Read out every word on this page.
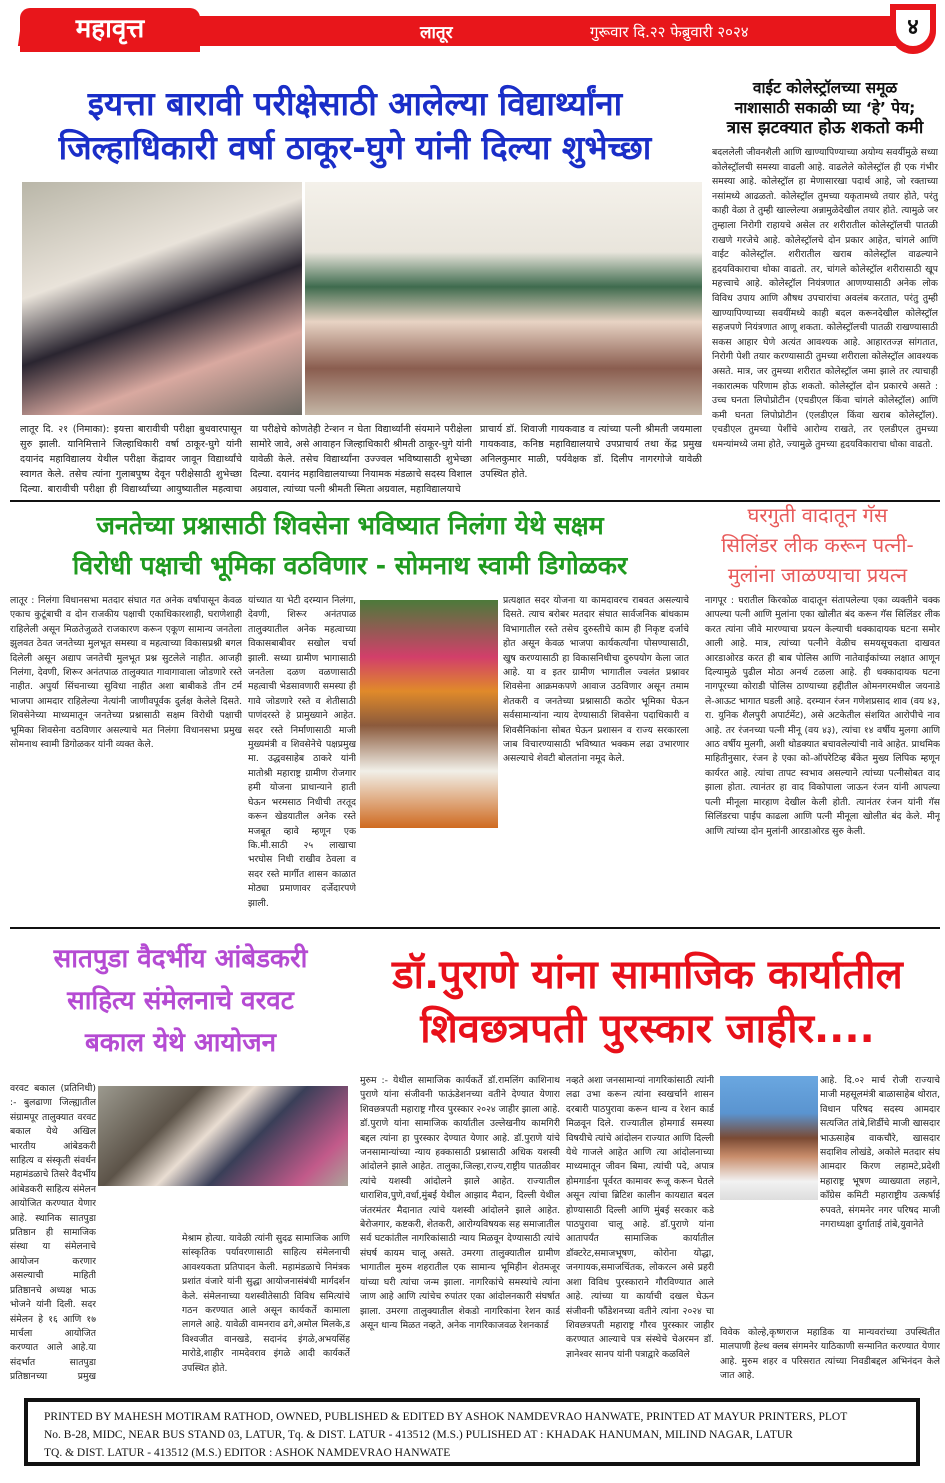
महावृत्त	लातूर	गुरूवार दि.२२ फेब्रुवारी २०२४	४
इयत्ता बारावी परीक्षेसाठी आलेल्या विद्यार्थ्यांना
जिल्हाधिकारी वर्षा ठाकूर-घुगे यांनी दिल्या शुभेच्छा
लातूर दि. २१ (निमाका): इयत्ता बारावीची परीक्षा बुधवारपासून सुरु झाली. यानिमित्ताने जिल्हाधिकारी वर्षा ठाकूर-घुगे यांनी दयानंद महाविद्यालय येथील परीक्षा केंद्रावर जावून विद्यार्थ्यांचे स्वागत केले. तसेच त्यांना गुलाबपुष्प देवून परीक्षेसाठी शुभेच्छा दिल्या. बारावीची परीक्षा ही विद्यार्थ्यांच्या आयुष्यातील महत्वाचा
या परीक्षेचे कोणतेही टेन्शन न घेता विद्यार्थ्यांनी संयमाने परीक्षेला सामोरे जावे, असे आवाहन जिल्हाधिकारी श्रीमती ठाकूर-घुगे यांनी यावेळी केले. तसेच विद्यार्थ्यांना उज्ज्वल भविष्यासाठी शुभेच्छा दिल्या. दयानंद महाविद्यालयाच्या नियामक मंडळाचे सदस्य विशाल अग्रवाल, त्यांच्या पत्नी श्रीमती स्मिता अग्रवाल, महाविद्यालयाचे
प्राचार्य डॉ. शिवाजी गायकवाड व त्यांच्या पत्नी श्रीमती जयमाला गायकवाड, कनिष्ठ महाविद्यालयाचे उपप्राचार्य तथा केंद्र प्रमुख अनिलकुमार माळी, पर्यवेक्षक डॉ. दिलीप नागरगोजे यावेळी उपस्थित होते.
वाईट कोलेस्ट्रॉलच्या समूळ
नाशासाठी सकाळी घ्या ‘हे’ पेय;
त्रास झटक्यात होऊ शकतो कमी
बदललेली जीवनशैली आणि खाण्यापिण्याच्या अयोग्य सवयींमुळे सध्या कोलेस्ट्रॉलची समस्या वाढली आहे. वाढलेले कोलेस्ट्रॉल ही एक गंभीर समस्या आहे. कोलेस्ट्रॉल हा मेणासारखा पदार्थ आहे, जो रक्ताच्या नसांमध्ये आढळतो. कोलेस्ट्रॉल तुमच्या यकृतामध्ये तयार होते, परंतु काही वेळा ते तुम्ही खाल्लेल्या अन्नामुळेदेखील तयार होते. त्यामुळे जर तुम्हाला निरोगी राहायचे असेल तर शरीरातील कोलेस्ट्रॉलची पातळी राखणे गरजेचे आहे. कोलेस्ट्रॉलचे दोन प्रकार आहेत, चांगले आणि वाईट कोलेस्ट्रॉल. शरीरातील खराब कोलेस्ट्रॉल वाढल्याने हृदयविकाराचा धोका वाढतो. तर, चांगले कोलेस्ट्रॉल शरीरासाठी खूप महत्त्वाचे आहे. कोलेस्ट्रॉल नियंत्रणात आणण्यासाठी अनेक लोक विविध उपाय आणि औषध उपचारांचा अवलंब करतात, परंतु तुम्ही खाण्यापिण्याच्या सवयींमध्ये काही बदल करूनदेखील कोलेस्ट्रॉल सहजपणे नियंत्रणात आणू शकता. कोलेस्ट्रॉलची पातळी राखण्यासाठी सकस आहार घेणे अत्यंत आवश्यक आहे. आहारतज्ज्ञ सांगतात, निरोगी पेशी तयार करण्यासाठी तुमच्या शरीराला कोलेस्ट्रॉल आवश्यक असते. मात्र, जर तुमच्या शरीरात कोलेस्ट्रॉल जमा झाले तर त्याचाही नकारात्मक परिणाम होऊ शकतो. कोलेस्ट्रॉल दोन प्रकारचे असते : उच्च घनता लिपोप्रोटीन (एचडीएल किंवा चांगले कोलेस्ट्रॉल) आणि कमी घनता लिपोप्रोटीन (एलडीएल किंवा खराब कोलेस्ट्रॉल). एचडीएल तुमच्या पेशींचे आरोग्य राखते, तर एलडीएल तुमच्या धमन्यांमध्ये जमा होते, ज्यामुळे तुमच्या हृदयविकाराचा धोका वाढतो.
जनतेच्या प्रश्नासाठी शिवसेना भविष्यात निलंगा येथे सक्षम
विरोधी पक्षाची भूमिका वठविणार - सोमनाथ स्वामी डिगोळकर
लातूर : निलंगा विधानसभा मतदार संघात गत अनेक वर्षापासून केवळ एकाच कुटूंबाची व दोन राजकीय पक्षाची एकाधिकारशाही, घराणेशाही राहिलेली असून मिळतेजुळते राजकारण करून एकूण सामान्य जनतेला झुलवत ठेवत जनतेच्या मुलभूत समस्या व महत्वाच्या विकासप्रश्नी बगल दिलेली असून अद्याप जनतेची मुलभूत प्रश्न सुटलेले नाहीत. आजही निलंगा, देवणी, शिरूर अनंतपाळ तालुक्यात गावागावाला जोडणारे रस्ते नाहीत. अपुर्या सिंचनाच्या सुविधा नाहीत अशा बाबीकडे तीन टर्म भाजपा आमदार राहिलेल्या नेत्यांनी जाणीवपूर्वक दुर्लक्ष केलेले दिसते. शिवसेनेच्या माध्यमातून जनतेच्या प्रश्नासाठी सक्षम विरोधी पक्षाची भूमिका शिवसेना वठविणार असल्याचे मत निलंगा विधानसभा प्रमुख सोमनाथ स्वामी डिगोळकर यांनी व्यक्त केले.
यांच्यात या भेटी दरम्यान निलंगा, देवणी, शिरूर अनंतपाळ तालुक्यातील अनेक महत्वाच्या विकासबाबीवर सखोल चर्चा झाली. सध्या ग्रामीण भागासाठी जनतेला दळण वळणासाठी महत्वाची भेडसावणारी समस्या ही गावे जोडणारे रस्ते व शेतीसाठी पाणंदरस्ते हे प्रामुख्याने आहेत. सदर रस्ते निर्माणासाठी माजी मुख्यमंत्री व शिवसेनेचे पक्षप्रमुख मा. उद्धवसाहेब ठाकरे यांनी मातोश्री महाराष्ट्र ग्रामीण रोजगार हमी योजना प्राधान्याने हाती घेऊन भरमसाठ निधीची तरतूद करून खेडयातील अनेक रस्ते मजबूत व्हावे म्हणून एक कि.मी.साठी २५ लाखाचा भरघोस निधी राखीव ठेवला व सदर रस्ते मार्गीत शासन काळात मोठ्या प्रमाणावर दर्जेदारपणे झाली.
प्रत्यक्षात सदर योजना या कामदावरच राबवत असल्याचे दिसते. त्याच बरोबर मतदार संघात सार्वजनिक बांधकाम विभागातील रस्ते तसेच दुरुस्तीचे काम ही निकृष्ट दर्जाचे होत असून केवळ भाजपा कार्यकर्त्यांना पोसण्यासाठी, खुष करण्यासाठी हा विकासनिधीचा दुरुपयोग केला जात आहे. या व इतर ग्रामीण भागातील ज्वलंत प्रश्नावर शिवसेना आक्रमकपणे आवाज उठविणार असून तमाम शेतकरी व जनतेच्या प्रश्नासाठी कठोर भूमिका घेऊन सर्वसामान्यांना न्याय देण्यासाठी शिवसेना पदाधिकारी व शिवसैनिकांना सोबत घेऊन प्रशासन व राज्य सरकारला जाब विचारण्यासाठी भविष्यात भक्कम लढा उभारणार असल्याचे शेवटी बोलतांना नमूद केले.
घरगुती वादातून गॅस
सिलिंडर लीक करून पत्नी-
मुलांना जाळण्याचा प्रयत्न
नागपूर : घरातील किरकोळ वादातून संतापलेल्या एका व्यक्तीने चक्क आपल्या पत्नी आणि मुलांना एका खोलीत बंद करून गॅस सिलिंडर लीक करत त्यांना जीवे मारण्याचा प्रयत्न केल्याची धक्कादायक घटना समोर आली आहे. मात्र, त्यांच्या पत्नीने वेळीच समयसूचकता दाखवत आरडाओरड करत ही बाब पोलिस आणि नातेवाईकांच्या लक्षात आणून दिल्यामुळे पुढील मोठा अनर्थ टळला आहे. ही धक्कादायक घटना नागपूरच्या कोराडी पोलिस ठाण्याच्या हद्दीतील ओमनगरमधील जयनाडे ले-आऊट भागात घडली आहे. दरम्यान रंजन गणेशप्रसाद शाव (वय ४३, रा. युनिक शैलपुरी अपार्टमेंट), असे अटकेतील संशयित आरोपीचे नाव आहे. तर रंजनच्या पत्नी मीनू (वय ४३), त्यांचा १४ वर्षीय मुलगा आणि आठ वर्षीय मुलगी, अशी थोडक्यात बचावलेल्यांची नावे आहेत. प्राथमिक माहितीनुसार, रंजन हे एका को-ऑपरेटिव्ह बँकेत मुख्य लिपिक म्हणून कार्यरत आहे. त्यांचा तापट स्वभाव असल्याने त्यांच्या पत्नीसोबत वाद झाला होता. त्यानंतर हा वाद विकोपाला जाऊन रंजन यांनी आपल्या पत्नी मीनूला मारहाण देखील केली होती. त्यानंतर रंजन यांनी गॅस सिलिंडरचा पाईप काढला आणि पत्नी मीनूला खोलीत बंद केले. मीनू आणि त्यांच्या दोन मुलांनी आरडाओरड सुरु केली.
सातपुडा वैदर्भीय आंबेडकरी
साहित्य संमेलनाचे वरवट
बकाल येथे आयोजन
वरवट बकाल (प्रतिनिधी) :- बुलढाणा जिल्ह्यातील संग्रामपूर तालुक्यात वरवट बकाल येथे अखिल भारतीय आंबेडकरी साहित्य व संस्कृती संवर्धन महामंडळाचे तिसरे वैदर्भीय आंबेडकरी साहित्य संमेलन आयोजित करण्यात येणार आहे. स्थानिक सातपुडा प्रतिष्ठान ही सामाजिक संस्था या संमेलनाचे आयोजन करणार असल्याची माहिती प्रतिष्ठानचे अध्यक्ष भाऊ भोजने यांनी दिली. सदर संमेलन हे १६ आणि १७ मार्चला आयोजित करण्यात आले आहे.या संदर्भात सातपुडा प्रतिष्ठानच्या प्रमुख
मेश्राम होत्या. यावेळी त्यांनी सुदढ सामाजिक आणि सांस्कृतिक पर्यावरणासाठी साहित्य संमेलनाची आवश्यकता प्रतिपादन केली. महामंडळाचे निमंत्रक प्रशांत वंजारे यांनी सुद्धा आयोजनासंबंधी मार्गदर्शन केले. संमेलनाच्या यशस्वीतेसाठी विविध समित्यांचे गठन करण्यात आले असून कार्यकर्ते कामाला लागले आहे. यावेळी वामनराव ढगे,अमोल मिलके,ड विश्वजीत वानखडे, सदानंद इंगळे,अभयसिंह मारोडे,शाहीर नामदेवराव इंगळे आदी कार्यकर्ते उपस्थित होते.
डॉ.पुराणे यांना सामाजिक कार्यातील
शिवछत्रपती पुरस्कार जाहीर....
मुरुम :- येथील सामाजिक कार्यकर्ते डॉ.रामलिंग काशिनाथ पुराणे यांना संजीवनी फाऊंडेशनच्या वतीने देण्यात येणारा शिवछत्रपती महाराष्ट्र गौरव पुरस्कार २०२४ जाहीर झाला आहे. डॉ.पुराणे यांना सामाजिक कार्यातील उल्लेखनीय कामगिरी बद्दल त्यांना हा पुरस्कार देण्यात येणार आहे. डॉ.पुराणे यांचे जनसामान्यांच्या न्याय हक्कासाठी प्रश्नासाठी अधिक यशस्वी आंदोलने झाले आहेत. तालुका,जिल्हा,राज्य,राष्ट्रीय पातळीवर त्यांचे यशस्वी आंदोलने झाले आहेत. राज्यातील धाराशिव,पुणे,वर्धा,मुंबई येथील आझाद मैदान, दिल्ली येथील जंतरमंतर मैदानात त्यांचे यशस्वी आंदोलने झाले आहेत. बेरोजगार, कष्टकरी, शेतकरी, आरोग्यविषयक सह समाजातील सर्व घटकांतील नागरिकांसाठी न्याय मिळवून देण्यासाठी त्यांचे संघर्ष कायम चालू असते. उमरगा तालुक्यातील ग्रामीण भागातील मुरुम शहरातील एक सामान्य भूमिहीन शेतमजूर यांच्या घरी त्यांचा जन्म झाला. नागरिकांचे समस्यांचे त्यांना जाण आहे आणि त्यांचेच रुपांतर एका आंदोलनकारी संघर्षात झाला. उमरगा तालुक्यातील शेकडो नागरिकांना रेशन कार्ड असून धान्य मिळत नव्हते, अनेक नागरिकाजवळ रेशनकार्ड
नव्हते अशा जनसामान्यां नागरिकांसाठी त्यांनी लढा उभा करून त्यांना स्वखर्चाने शासन दरबारी पाठपुरावा करून धान्य व रेशन कार्ड मिळवून दिले. राज्यातील होमगार्ड समस्या विषयीचे त्यांचे आंदोलन राज्यात आणि दिल्ली येथे गाजले आहेत आणि त्या आंदोलनाच्या माध्यमातून जीवन बिमा, त्यांची पदे, अपात्र होमगार्डना पूर्वरत कामावर रूजू करून घेतले असून त्यांचा ब्रिटिश कालीन कायद्यात बदल होण्यासाठी दिल्ली आणि मुंबई सरकार कडे पाठपुरावा चालू आहे. डॉ.पुराणे यांना आतापर्यंत सामाजिक कार्यातील डॉक्टरेट,समाजभूषण, कोरोना योद्धा, जनगायक,समाजचिंतक, लोकरत्न असे प्रहरी अशा विविध पुरस्काराने गौरविण्यात आले आहे. त्यांच्या या कार्याची दखल घेऊन संजीवनी फौंडेशनच्या वतीने त्यांना २०२४ चा शिवछत्रपती महाराष्ट्र गौरव पुरस्कार जाहीर करण्यात आल्याचे पत्र संस्थेचे चेअरमन डॉ. ज्ञानेश्वर सानप यांनी पत्राद्वारे कळविले
आहे. दि.०२ मार्च रोजी राज्याचे माजी महसूलमंत्री बाळासाहेब थोरात, विधान परिषद सदस्य आमदार सत्यजित तांबे,शिर्डीचे माजी खासदार भाऊसाहेब वाकचौरे, खासदार सदाशिव लोखंडे, अकोले मतदार संघ आमदार किरण लहामटे,प्रदेशी महाराष्ट्र भूषण व्याख्याता लहाने, काँग्रेस कमिटी महाराष्ट्रीय उत्कर्षाई रुपवते, संगमनेर नगर परिषद माजी नगराध्यक्षा दुर्गाताई तांबे,युवानेते
विवेक कोल्हे,कृष्णराज महाडिक या मान्यवरांच्या उपस्थितीत मालपाणी हेल्थ क्लब संगमनेर याठिकाणी सन्मानित करण्यात येणार आहे. मुरुम शहर व परिसरात त्यांच्या निवडीबद्दल अभिनंदन केले जात आहे.
PRINTED BY MAHESH MOTIRAM RATHOD, OWNED, PUBLISHED & EDITED BY ASHOK NAMDEVRAO HANWATE, PRINTED AT MAYUR PRINTERS, PLOT
No. B-28, MIDC, NEAR BUS STAND 03, LATUR, Tq. & DIST. LATUR - 413512 (M.S.) PULISHED AT : KHADAK HANUMAN, MILIND NAGAR, LATUR
TQ. & DIST. LATUR - 413512 (M.S.) EDITOR : ASHOK NAMDEVRAO HANWATE
